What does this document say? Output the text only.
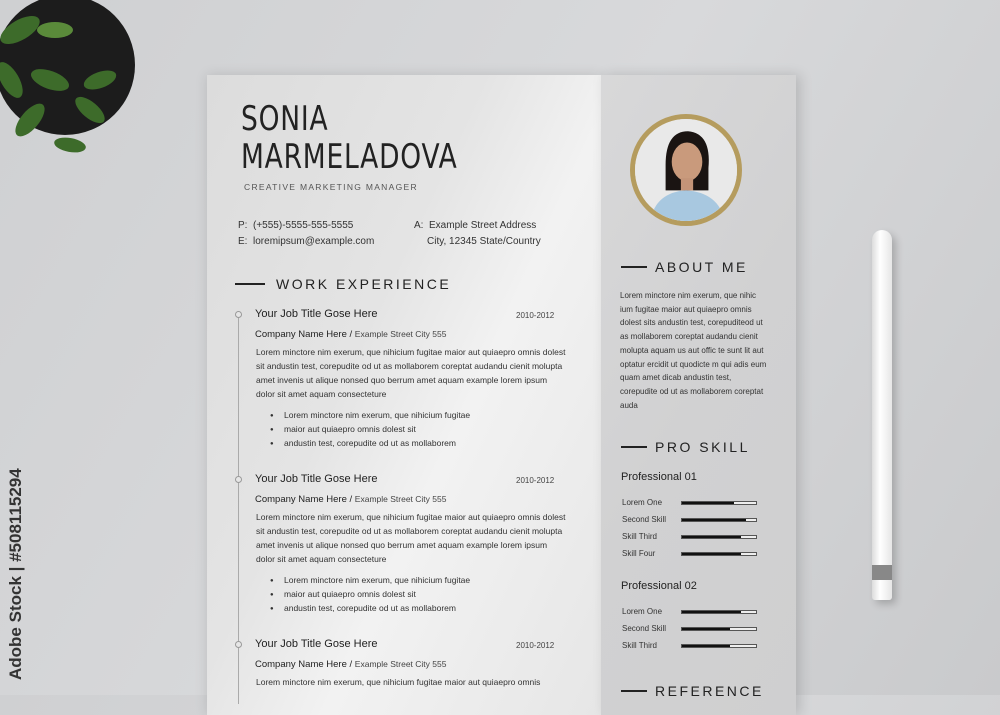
SONIA
MARMELADOVA
CREATIVE MARKETING MANAGER
P: (+555)-5555-555-5555
E: loremipsum@example.com
A: Example Street Address
City, 12345 State/Country
WORK EXPERIENCE
Your Job Title Gose Here	2010-2012
Company Name Here / Example Street City 555
Lorem minctore nim exerum, que nihicium fugitae maior aut quiaepro omnis dolest sit andustin test, corepudite od ut as mollaborem coreptat audandu cienit molupta amet invenis ut alique nonsed quo berrum amet aquam example lorem ipsum dolor sit amet aquam consecteture
● Lorem minctore nim exerum, que nihicium fugitae
● maior aut quiaepro omnis dolest sit
● andustin test, corepudite od ut as mollaborem
Your Job Title Gose Here	2010-2012
Company Name Here / Example Street City 555
Lorem minctore nim exerum, que nihicium fugitae maior aut quiaepro omnis dolest sit andustin test, corepudite od ut as mollaborem coreptat audandu cienit molupta amet invenis ut alique nonsed quo berrum amet aquam example lorem ipsum dolor sit amet aquam consecteture
● Lorem minctore nim exerum, que nihicium fugitae
● maior aut quiaepro omnis dolest sit
● andustin test, corepudite od ut as mollaborem
Your Job Title Gose Here	2010-2012
Company Name Here / Example Street City 555
Lorem minctore nim exerum, que nihicium fugitae maior aut quiaepro omnis
ABOUT ME
Lorem minctore nim exerum, que nihic ium fugitae maior aut quiaepro omnis dolest sits andustin test, corepuditeod ut as mollaborem coreptat audandu cienit molupta aquam us aut offic te sunt lit aut optatur ercidit ut quodicte m qui adis eum quam amet dicab andustin test, corepudite od ut as mollaborem coreptat auda
PRO SKILL
Professional 01
Lorem One
Second Skill
Skill Third
Skill Four
Professional 02
Lorem One
Second Skill
Skill Third
REFERENCE
Adobe Stock | #508115294
